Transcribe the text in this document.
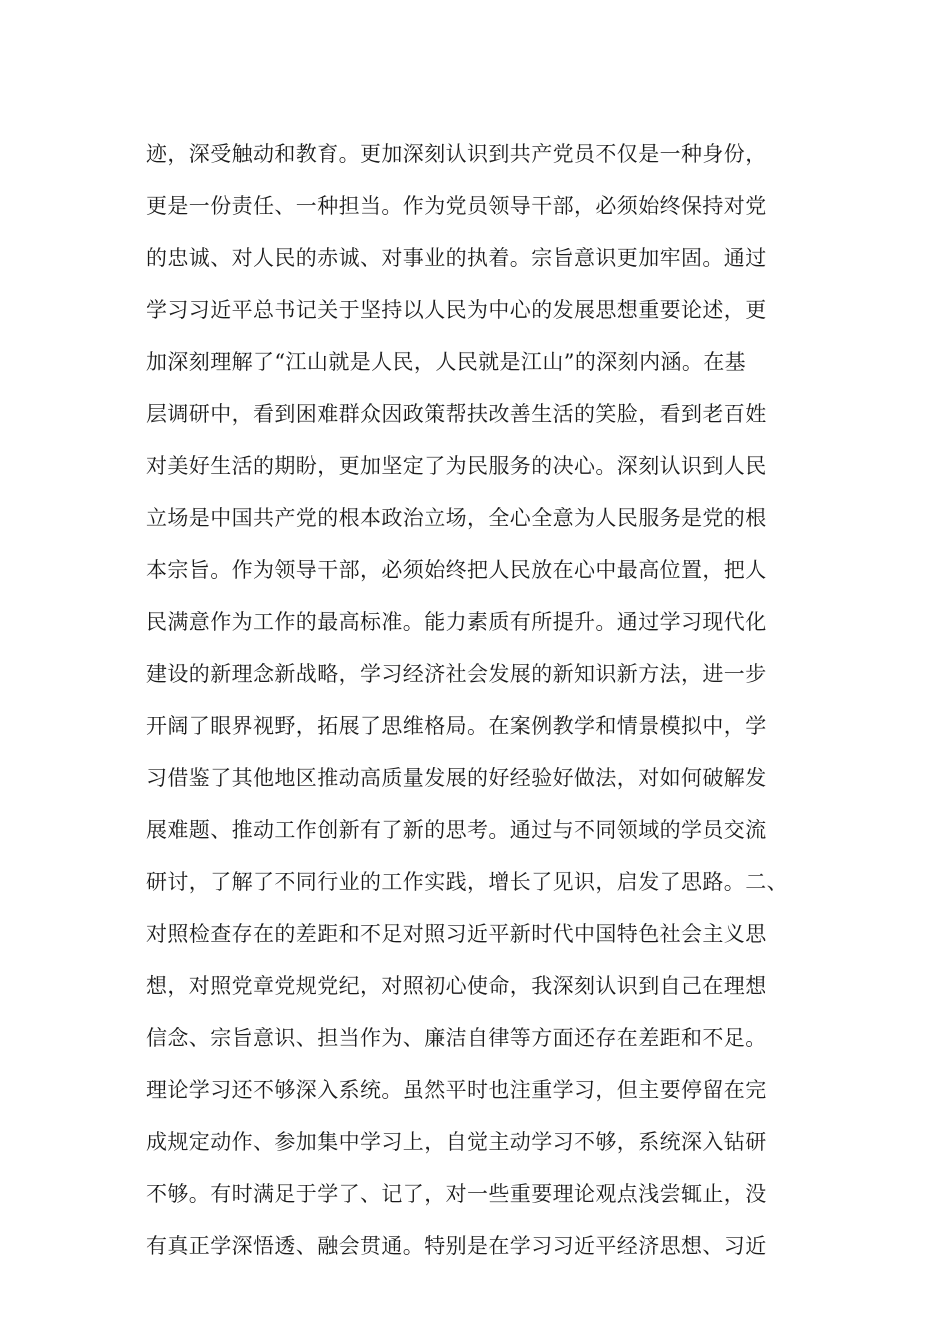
迹，深受触动和教育。更加深刻认识到共产党员不仅是一种身份，
更是一份责任、一种担当。作为党员领导干部，必须始终保持对党
的忠诚、对人民的赤诚、对事业的执着。宗旨意识更加牢固。通过
学习习近平总书记关于坚持以人民为中心的发展思想重要论述，更
加深刻理解了“江山就是人民，人民就是江山”的深刻内涵。在基
层调研中，看到困难群众因政策帮扶改善生活的笑脸，看到老百姓
对美好生活的期盼，更加坚定了为民服务的决心。深刻认识到人民
立场是中国共产党的根本政治立场，全心全意为人民服务是党的根
本宗旨。作为领导干部，必须始终把人民放在心中最高位置，把人
民满意作为工作的最高标准。能力素质有所提升。通过学习现代化
建设的新理念新战略，学习经济社会发展的新知识新方法，进一步
开阔了眼界视野，拓展了思维格局。在案例教学和情景模拟中，学
习借鉴了其他地区推动高质量发展的好经验好做法，对如何破解发
展难题、推动工作创新有了新的思考。通过与不同领域的学员交流
研讨，了解了不同行业的工作实践，增长了见识，启发了思路。二、
对照检查存在的差距和不足对照习近平新时代中国特色社会主义思
想，对照党章党规党纪，对照初心使命，我深刻认识到自己在理想
信念、宗旨意识、担当作为、廉洁自律等方面还存在差距和不足。
理论学习还不够深入系统。虽然平时也注重学习，但主要停留在完
成规定动作、参加集中学习上，自觉主动学习不够，系统深入钻研
不够。有时满足于学了、记了，对一些重要理论观点浅尝辄止，没
有真正学深悟透、融会贯通。特别是在学习习近平经济思想、习近
